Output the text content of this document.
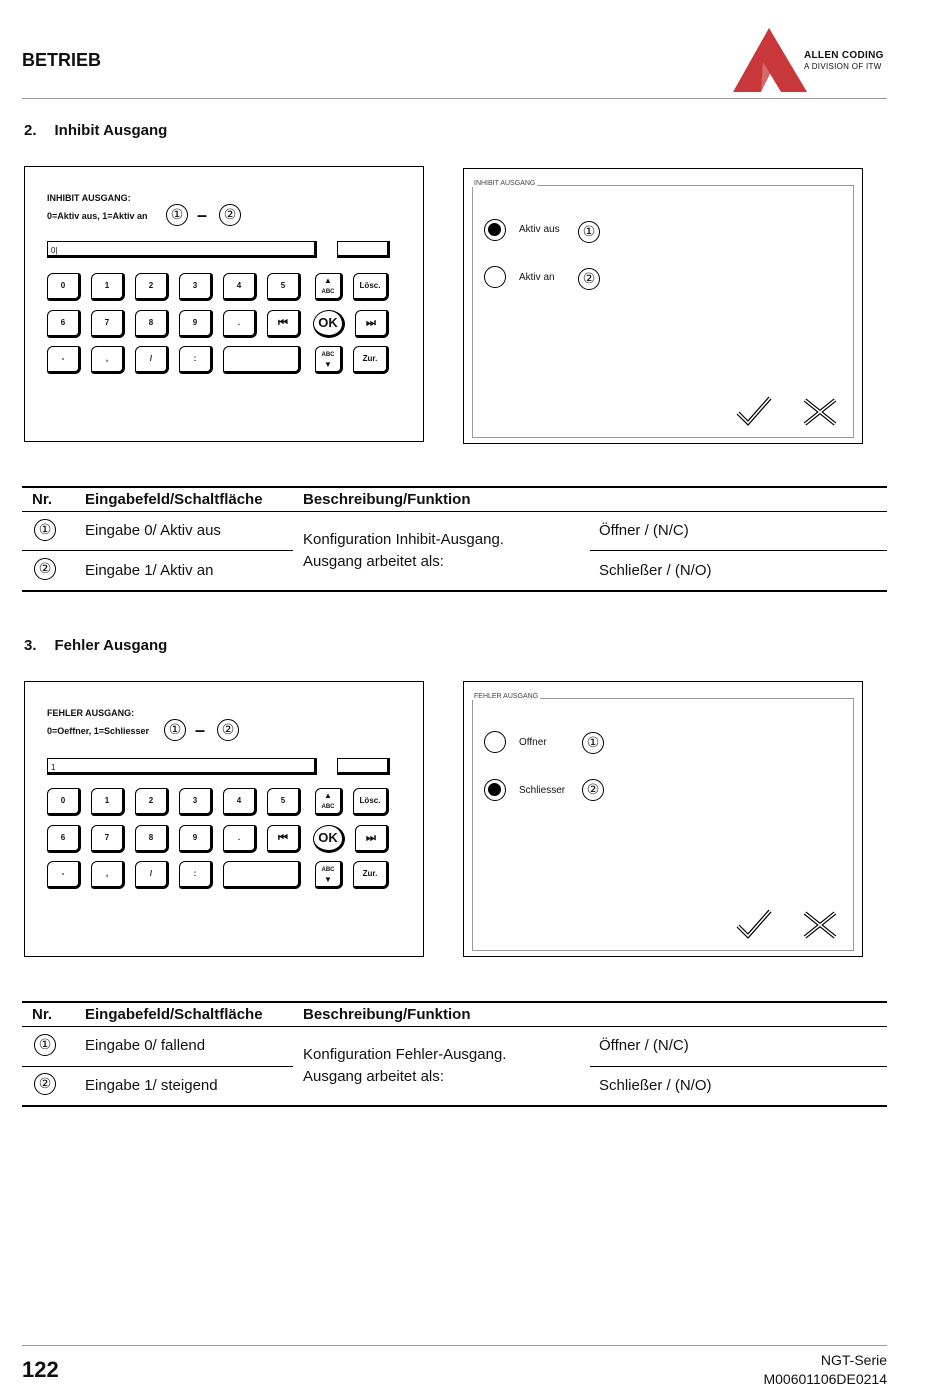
BETRIEB	ALLEN CODING
A DIVISION OF ITW
2. Inhibit Ausgang
INHIBIT AUSGANG:
0=Aktiv aus, 1=Aktiv an	① –	②
0|
0	1	2	3	4	5
▲
ABC
Lösc.
6	7	8	9	.	⏮	OK	⏭
-	,	/	:	ABC
▼
Zur.
INHIBIT AUSGANG
Aktiv aus	①
Aktiv an	②
Nr. Eingabefeld/Schaltfläche	Beschreibung/Funktion
①	Eingabe 0/ Aktiv aus	Öffner / (N/C)
Konfiguration Inhibit-Ausgang.
Ausgang arbeitet als:
②	Eingabe 1/ Aktiv an	Schließer / (N/O)
3. Fehler Ausgang
FEHLER AUSGANG:
0=Oeffner, 1=Schliesser	① –	②
1
0	1	2	3	4	5
▲
ABC
Lösc.
6	7	8	9	.	⏮	OK	⏭
-	,	/	:	ABC
▼
Zur.
FEHLER AUSGANG
Offner	①
Schliesser	②
Nr. Eingabefeld/Schaltfläche	Beschreibung/Funktion
①	Eingabe 0/ fallend	Öffner / (N/C)
Konfiguration Fehler-Ausgang.
Ausgang arbeitet als:
②	Eingabe 1/ steigend	Schließer / (N/O)
122	NGT-Serie
M00601106DE0214
